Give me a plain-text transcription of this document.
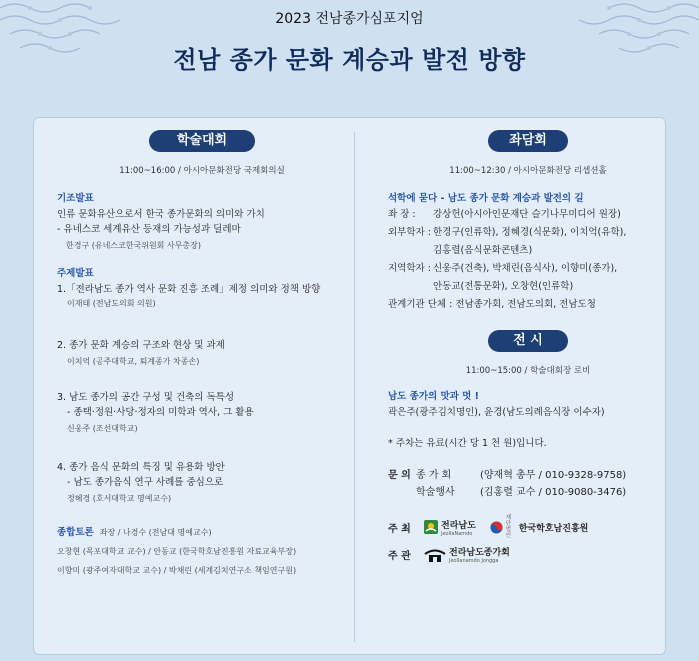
2023 전남종가심포지엄
전남 종가 문화 계승과 발전 방향
학술대회
11:00~16:00 / 아시아문화전당 국제회의실
기조발표
인류 문화유산으로서 한국 종가문화의 의미와 가치
- 유네스코 세계유산 등재의 가능성과 딜레마
한경구 (유네스코한국위원회 사무총장)
주제발표
1.「전라남도 종가 역사 문화 진흥 조례」제정 의미와 정책 방향
이재태 (전남도의회 의원)
2. 종가 문화 계승의 구조와 현상 및 과제
이치억 (공주대학교, 퇴계종가 차종손)
3. 남도 종가의 공간 구성 및 건축의 독특성
- 종택·정원·사당·정자의 미학과 역사, 그 활용
신웅주 (조선대학교)
4. 종가 음식 문화의 특징 및 유용화 방안
- 남도 종가음식 연구 사례를 중심으로
정혜경 (호서대학교 명예교수)
종합토론 좌장 / 나경수 (전남대 명예교수)
오창현 (목포대학교 교수) / 안동교 (한국학호남진흥원 자료교육부장)
이향미 (광주여자대학교 교수) / 박채린 (세계김치연구소 책임연구원)
좌담회
11:00~12:30 / 아시아문화전당 리셉션홀
석학에 묻다 - 남도 종가 문화 계승과 발전의 길
좌 장 :	강상헌(아시아인문재단 슬기나무미디어 원장)
외부학자 : 한경구(인류학), 정혜경(식문화), 이치억(유학),
김홍렬(음식문화콘텐츠)
지역학자 : 신웅주(건축), 박채린(음식사), 이향미(종가),
안동교(전통문화), 오창현(인류학)
관계기관 단체 : 전남종가회, 전남도의회, 전남도청
전 시
11:00~15:00 / 학술대회장 로비
남도 종가의 맛과 멋 !
곽은주(광주김치명인), 윤경(남도의례음식장 이수자)
* 주차는 유료(시간 당 1 천 원)입니다.
문 의 종 가 회	(양재혁 총무 / 010-9328-9758)
학술행사	(김홍렬 교수 / 010-9080-3476)
주 최	전라남도
JeollaNamdo
재단 법인
한국학호남진흥원
주 관	전라남도종가회
Jeollanamdo Jongga
